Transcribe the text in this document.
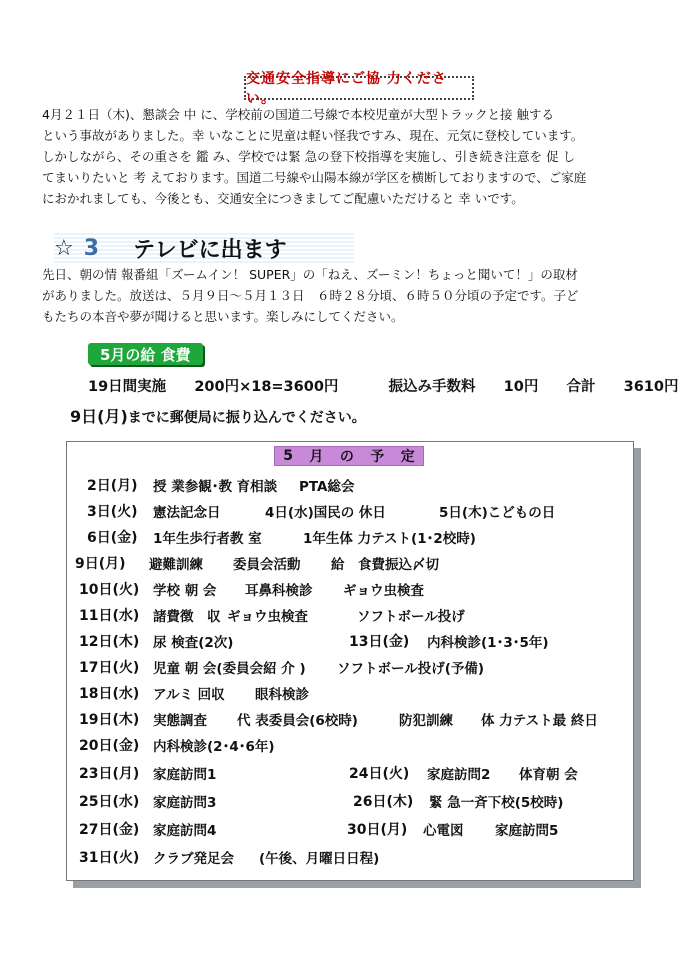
交通安全指導にご協 力ください。

4月２１日（木)、懇談会 中 に、学校前の国道二号線で本校児童が大型トラックと接 触する

という事故がありました。幸 いなことに児童は軽い怪我ですみ、現在、元気に登校しています。

しかしながら、その重さを 鑑 み、学校では緊 急の登下校指導を実施し、引き続き注意を 促 し

てまいりたいと 考 えております。国道二号線や山陽本線が学区を横断しておりますので、ご家庭

におかれましても、今後とも、交通安全につきましてご配慮いただけると 幸 いです。

☆ 3 テレビに出ます

先日、朝の情 報番組「ズームイン！ SUPER」の「ねえ、ズーミン！ちょっと聞いて！」の取材

がありました。放送は、５月９日～５月１３日　６時２８分頃、６時５０分頃の予定です。子ど

もたちの本音や夢が聞けると思います。楽しみにしてください。

5月の給 食費
19日間実施 200円×18=3600円	振込み手数料 10円 合計 3610円
9日(月)までに郵便局に振り込んでください。
5 月 の 予 定
2日(月) 授 業参観･教 育相談 PTA総会
3日(火) 憲法記念日	4日(水)国民の 休日	5日(木)こどもの日
6日(金) 1年生歩行者教 室	1年生体 力テスト(1･2校時)
9日(月) 避難訓練 委員会活動 給　食費振込〆切
10日(火) 学校 朝 会 耳鼻科検診 ギョウ虫検査
11日(水) 諸費徴　収 ギョウ虫検査	ソフトボール投げ
12日(木) 尿 検査(2次)	13日(金) 内科検診(1･3･5年)
17日(火) 児童 朝 会(委員会紹 介 ) ソフトボール投げ(予備)
18日(水) アルミ 回収 眼科検診
19日(木) 実態調査 代 表委員会(6校時)	防犯訓練 体 力テスト最 終日
20日(金) 内科検診(2･4･6年)
23日(月) 家庭訪問1	24日(火) 家庭訪問2 体育朝 会
25日(水) 家庭訪問3	26日(木) 緊 急一斉下校(5校時)
27日(金) 家庭訪問4	30日(月) 心電図 家庭訪問5
31日(火) クラブ発足会 (午後、月曜日日程)
